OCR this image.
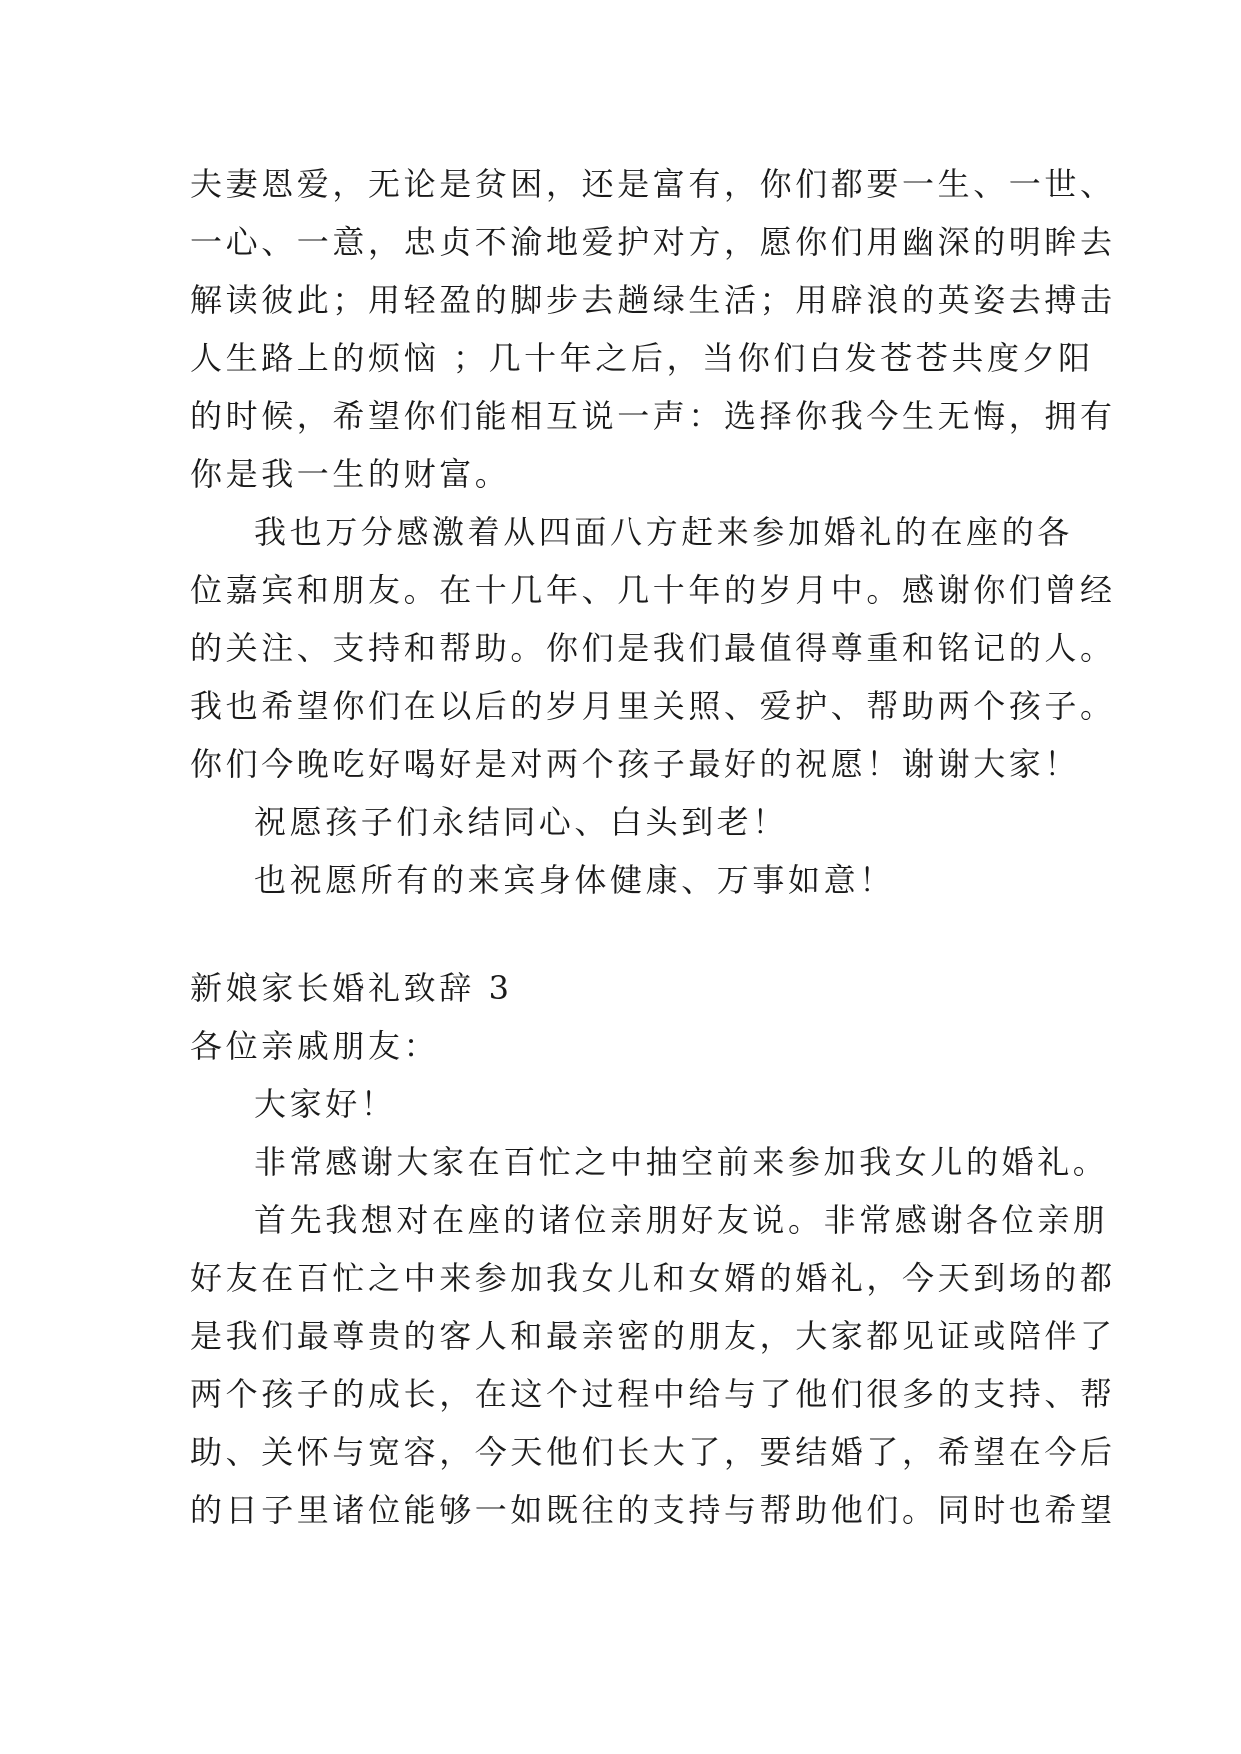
夫妻恩爱，无论是贫困，还是富有，你们都要一生、一世、
一心、一意，忠贞不渝地爱护对方，愿你们用幽深的明眸去
解读彼此；用轻盈的脚步去趟绿生活；用辟浪的英姿去搏击
人生路上的烦恼 ；几十年之后，当你们白发苍苍共度夕阳
的时候，希望你们能相互说一声：选择你我今生无悔，拥有
你是我一生的财富。
我也万分感激着从四面八方赶来参加婚礼的在座的各
位嘉宾和朋友。在十几年、几十年的岁月中。感谢你们曾经
的关注、支持和帮助。你们是我们最值得尊重和铭记的人。
我也希望你们在以后的岁月里关照、爱护、帮助两个孩子。
你们今晚吃好喝好是对两个孩子最好的祝愿！谢谢大家！
祝愿孩子们永结同心、白头到老！
也祝愿所有的来宾身体健康、万事如意！
新娘家长婚礼致辞 3
各位亲戚朋友：
大家好！
非常感谢大家在百忙之中抽空前来参加我女儿的婚礼。
首先我想对在座的诸位亲朋好友说。非常感谢各位亲朋
好友在百忙之中来参加我女儿和女婿的婚礼，今天到场的都
是我们最尊贵的客人和最亲密的朋友，大家都见证或陪伴了
两个孩子的成长，在这个过程中给与了他们很多的支持、帮
助、关怀与宽容，今天他们长大了，要结婚了，希望在今后
的日子里诸位能够一如既往的支持与帮助他们。同时也希望
